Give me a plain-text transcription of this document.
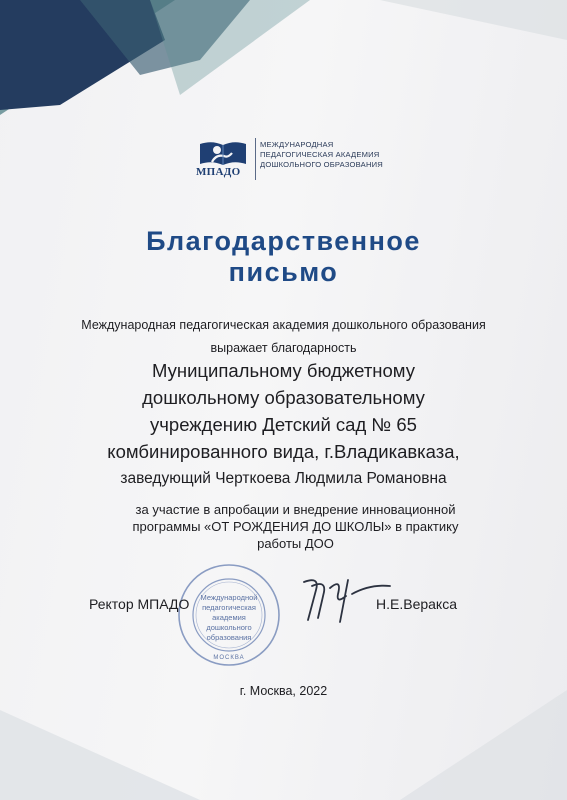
МПАДО
МЕЖДУНАРОДНАЯ
ПЕДАГОГИЧЕСКАЯ АКАДЕМИЯ
ДОШКОЛЬНОГО ОБРАЗОВАНИЯ
Благодарственное
письмо
Международная педагогическая академия дошкольного образования
выражает благодарность
Муниципальному бюджетному
дошкольному образовательному
учреждению Детский сад № 65
комбинированного вида, г.Владикавказа,
заведующий Черткоева Людмила Романовна
за участие в апробации и внедрение инновационной
программы «ОТ РОЖДЕНИЯ ДО ШКОЛЫ» в практику
работы ДОО
Международной
педагогическая
академия
дошкольного
образования
МОСКВА
Ректор МПАДО	Н.Е.Веракса
г. Москва, 2022
